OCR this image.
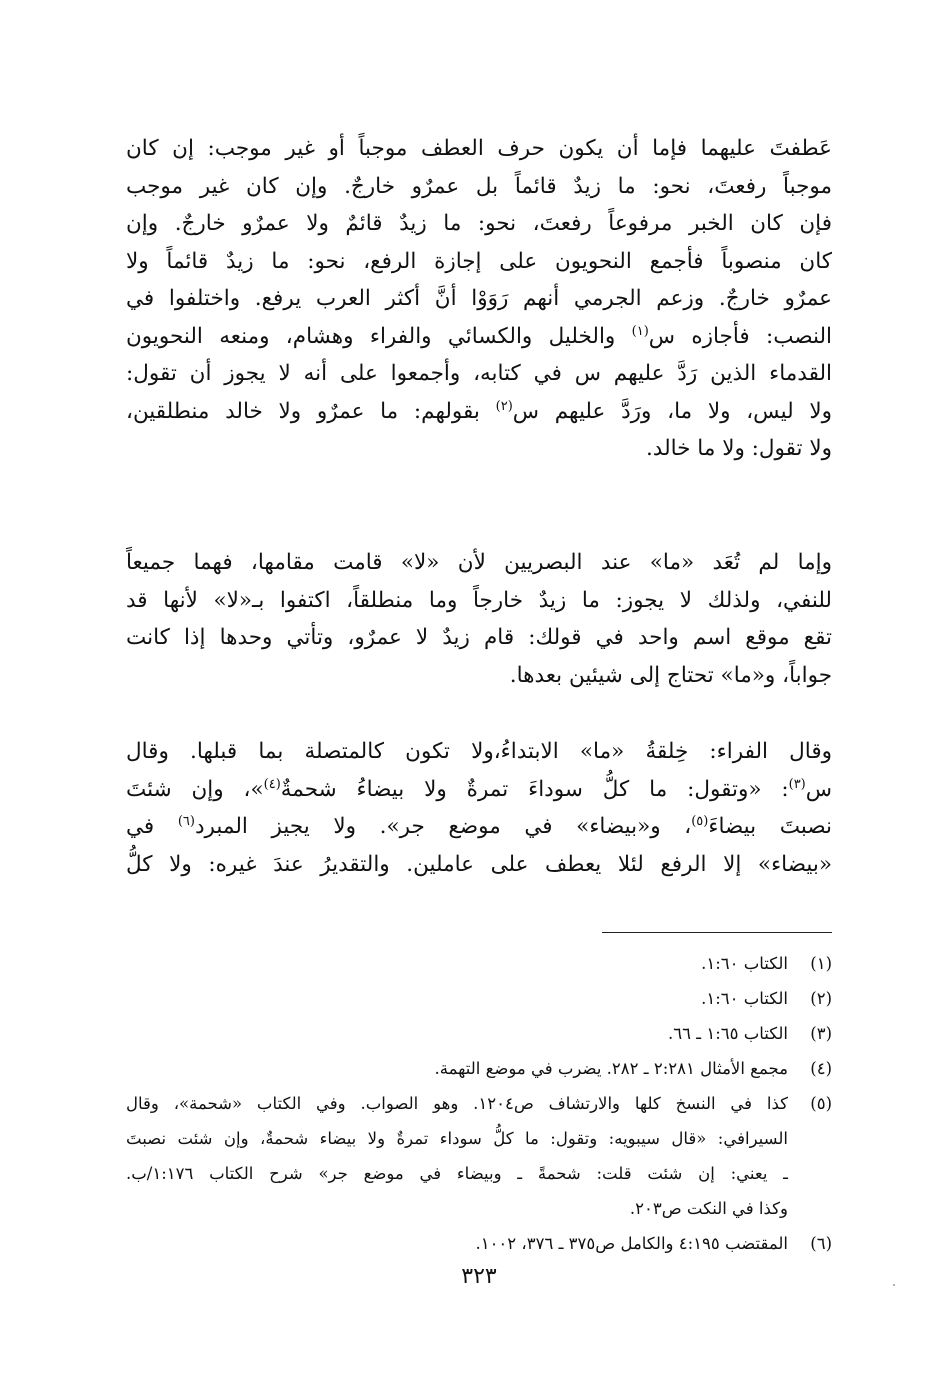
عَطفتَ عليهما فإما أن يكون حرف العطف موجباً أو غير موجب: إن كان
موجباً رفعتَ، نحو: ما زيدٌ قائماً بل عمرٌو خارجٌ. وإن كان غير موجب
فإن كان الخبر مرفوعاً رفعتَ، نحو: ما زيدٌ قائمٌ ولا عمرٌو خارجٌ. وإن
كان منصوباً فأجمع النحويون على إجازة الرفع، نحو: ما زيدٌ قائماً ولا
عمرٌو خارجٌ. وزعم الجرمي أنهم رَوَوْا أنَّ أكثر العرب يرفع. واختلفوا في
النصب: فأجازه س$^{(١)}$ والخليل والكسائي والفراء وهشام، ومنعه النحويون
القدماء الذين رَدَّ عليهم س في كتابه، وأجمعوا على أنه لا يجوز أن تقول:
ولا ليس، ولا ما، ورَدَّ عليهم س$^{(٢)}$ بقولهم: ما عمرٌو ولا خالد منطلقين،
ولا تقول: ولا ما خالد.

وإما لم تُعَد «ما» عند البصريين لأن «لا» قامت مقامها، فهما جميعاً
للنفي، ولذلك لا يجوز: ما زيدٌ خارجاً وما منطلقاً، اكتفوا بـ«لا» لأنها قد
تقع موقع اسم واحد في قولك: قام زيدٌ لا عمرٌو، وتأتي وحدها إذا كانت
جواباً، و«ما» تحتاج إلى شيئين بعدها.

وقال الفراء: خِلقةُ «ما» الابتداءُ،ولا تكون كالمتصلة بما قبلها. وقال
س$^{(٣)}$: «وتقول: ما كلُّ سوداءَ تمرةٌ ولا بيضاءُ شحمةٌ$^{(٤)}$»، وإن شئتَ
نصبتَ بيضاءَ$^{(٥)}$، و«بيضاء» في موضع جر». ولا يجيز المبرد$^{(٦)}$ في
«بيضاء» إلا الرفع لئلا يعطف على عاملين. والتقديرُ عندَ غيره: ولا كلُّ

(١)
الكتاب ١:٦٠.
(٢)
الكتاب ١:٦٠.
(٣)
الكتاب ١:٦٥ ـ ٦٦.
(٤)
مجمع الأمثال ٢:٢٨١ ـ ٢٨٢. يضرب في موضع التهمة.
(٥)
كذا في النسخ كلها والارتشاف ص١٢٠٤. وهو الصواب. وفي الكتاب «شحمة»، وقال
السيرافي: «قال سيبويه: وتقول: ما كلُّ سوداء تمرةٌ ولا بيضاء شحمةٌ، وإن شئت نصبتَ
ـ يعني: إن شئت قلت: شحمةً ـ وبيضاء في موضع جر» شرح الكتاب ١:١٧٦/ب.
وكذا في النكت ص٢٠٣.
(٦)
المقتضب ٤:١٩٥ والكامل ص٣٧٥ ـ ٣٧٦، ١٠٠٢.
٣٢٣
